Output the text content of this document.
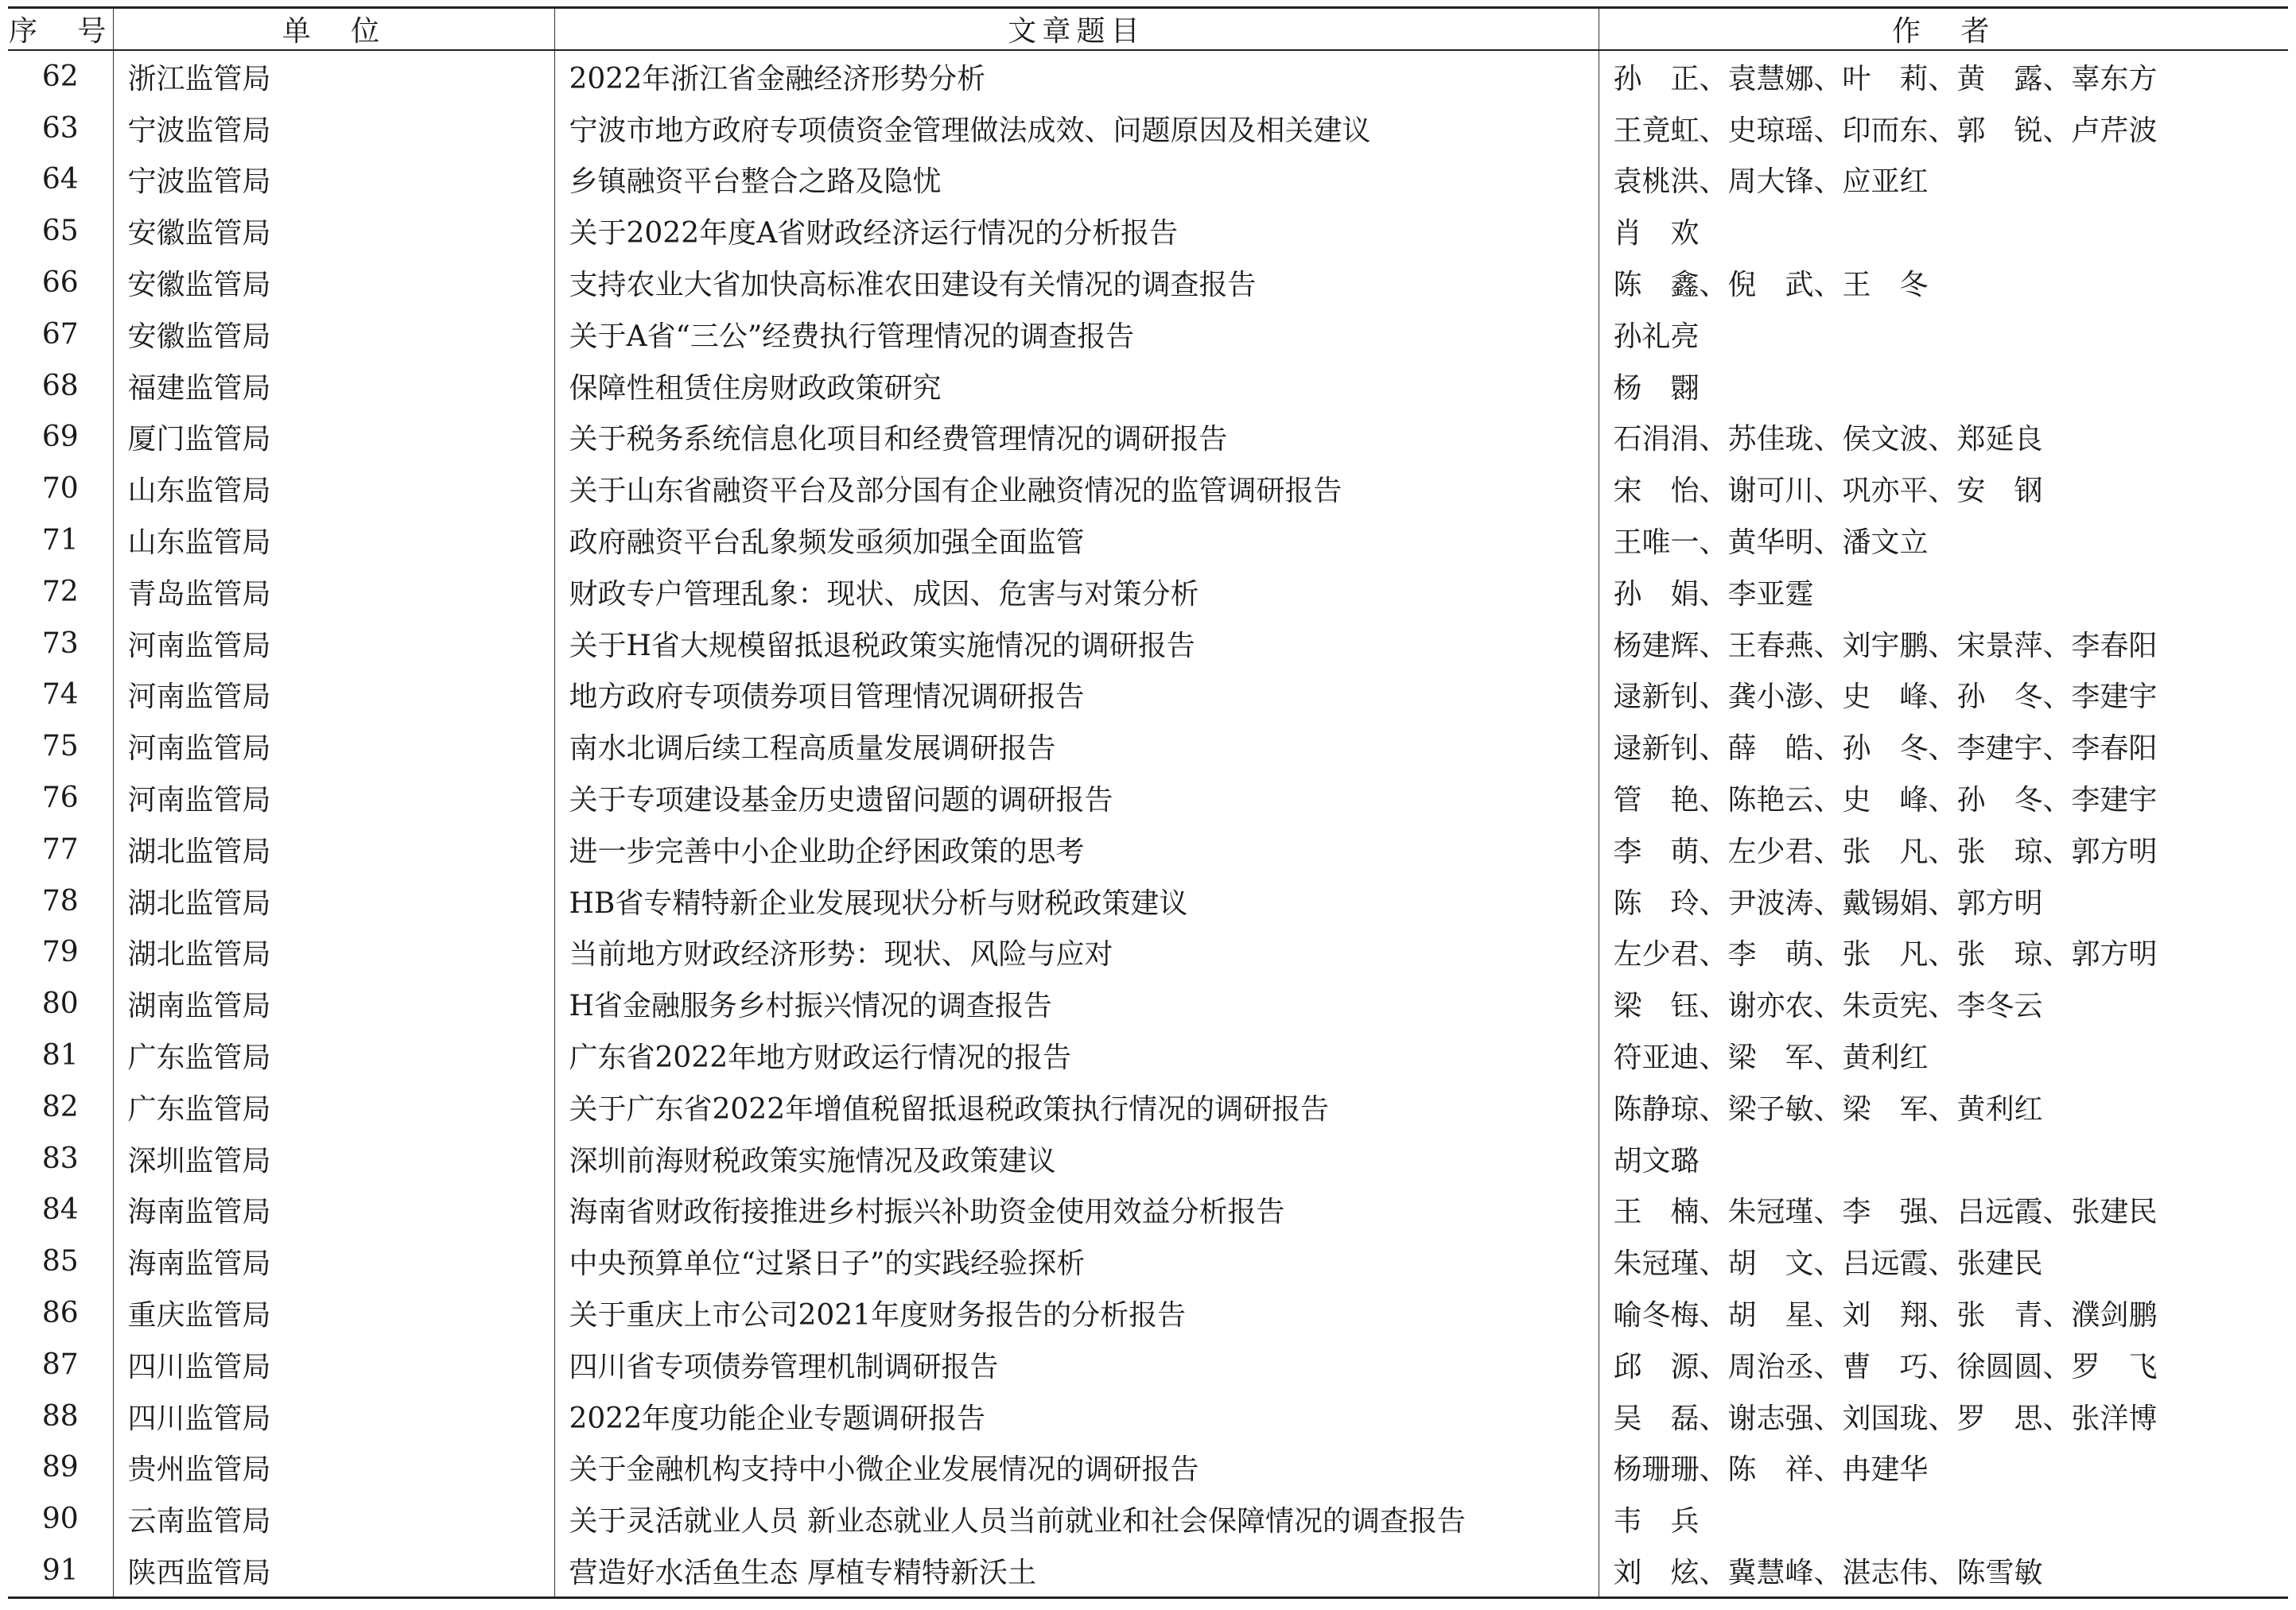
序　号	单　位	文章题目	作　者
62	浙江监管局	2022年浙江省金融经济形势分析	孙　正、袁慧娜、叶　莉、黄　露、辜东方
63	宁波监管局	宁波市地方政府专项债资金管理做法成效、问题原因及相关建议	王竟虹、史琼瑶、印而东、郭　锐、卢芹波
64	宁波监管局	乡镇融资平台整合之路及隐忧	袁桃洪、周大锋、应亚红
65	安徽监管局	关于2022年度A省财政经济运行情况的分析报告	肖　欢
66	安徽监管局	支持农业大省加快高标准农田建设有关情况的调查报告	陈　鑫、倪　武、王　冬
67	安徽监管局	关于A省“三公”经费执行管理情况的调查报告	孙礼亮
68	福建监管局	保障性租赁住房财政政策研究	杨　翾
69	厦门监管局	关于税务系统信息化项目和经费管理情况的调研报告	石涓涓、苏佳珑、侯文波、郑延良
70	山东监管局	关于山东省融资平台及部分国有企业融资情况的监管调研报告	宋　怡、谢可川、巩亦平、安　钢
71	山东监管局	政府融资平台乱象频发亟须加强全面监管	王唯一、黄华明、潘文立
72	青岛监管局	财政专户管理乱象：现状、成因、危害与对策分析	孙　娟、李亚霆
73	河南监管局	关于H省大规模留抵退税政策实施情况的调研报告	杨建辉、王春燕、刘宇鹏、宋景萍、李春阳
74	河南监管局	地方政府专项债券项目管理情况调研报告	逯新钊、龚小澎、史　峰、孙　冬、李建宇
75	河南监管局	南水北调后续工程高质量发展调研报告	逯新钊、薛　皓、孙　冬、李建宇、李春阳
76	河南监管局	关于专项建设基金历史遗留问题的调研报告	管　艳、陈艳云、史　峰、孙　冬、李建宇
77	湖北监管局	进一步完善中小企业助企纾困政策的思考	李　萌、左少君、张　凡、张　琼、郭方明
78	湖北监管局	HB省专精特新企业发展现状分析与财税政策建议	陈　玲、尹波涛、戴锡娟、郭方明
79	湖北监管局	当前地方财政经济形势：现状、风险与应对	左少君、李　萌、张　凡、张　琼、郭方明
80	湖南监管局	H省金融服务乡村振兴情况的调查报告	梁　钰、谢亦农、朱贡宪、李冬云
81	广东监管局	广东省2022年地方财政运行情况的报告	符亚迪、梁　军、黄利红
82	广东监管局	关于广东省2022年增值税留抵退税政策执行情况的调研报告	陈静琼、梁子敏、梁　军、黄利红
83	深圳监管局	深圳前海财税政策实施情况及政策建议	胡文璐
84	海南监管局	海南省财政衔接推进乡村振兴补助资金使用效益分析报告	王　楠、朱冠瑾、李　强、吕远霞、张建民
85	海南监管局	中央预算单位“过紧日子”的实践经验探析	朱冠瑾、胡　文、吕远霞、张建民
86	重庆监管局	关于重庆上市公司2021年度财务报告的分析报告	喻冬梅、胡　星、刘　翔、张　青、濮剑鹏
87	四川监管局	四川省专项债券管理机制调研报告	邱　源、周治丞、曹　巧、徐圆圆、罗　飞
88	四川监管局	2022年度功能企业专题调研报告	吴　磊、谢志强、刘国珑、罗　思、张洋博
89	贵州监管局	关于金融机构支持中小微企业发展情况的调研报告	杨珊珊、陈　祥、冉建华
90	云南监管局	关于灵活就业人员 新业态就业人员当前就业和社会保障情况的调查报告	韦　兵
91	陕西监管局	营造好水活鱼生态 厚植专精特新沃土	刘　炫、冀慧峰、湛志伟、陈雪敏
